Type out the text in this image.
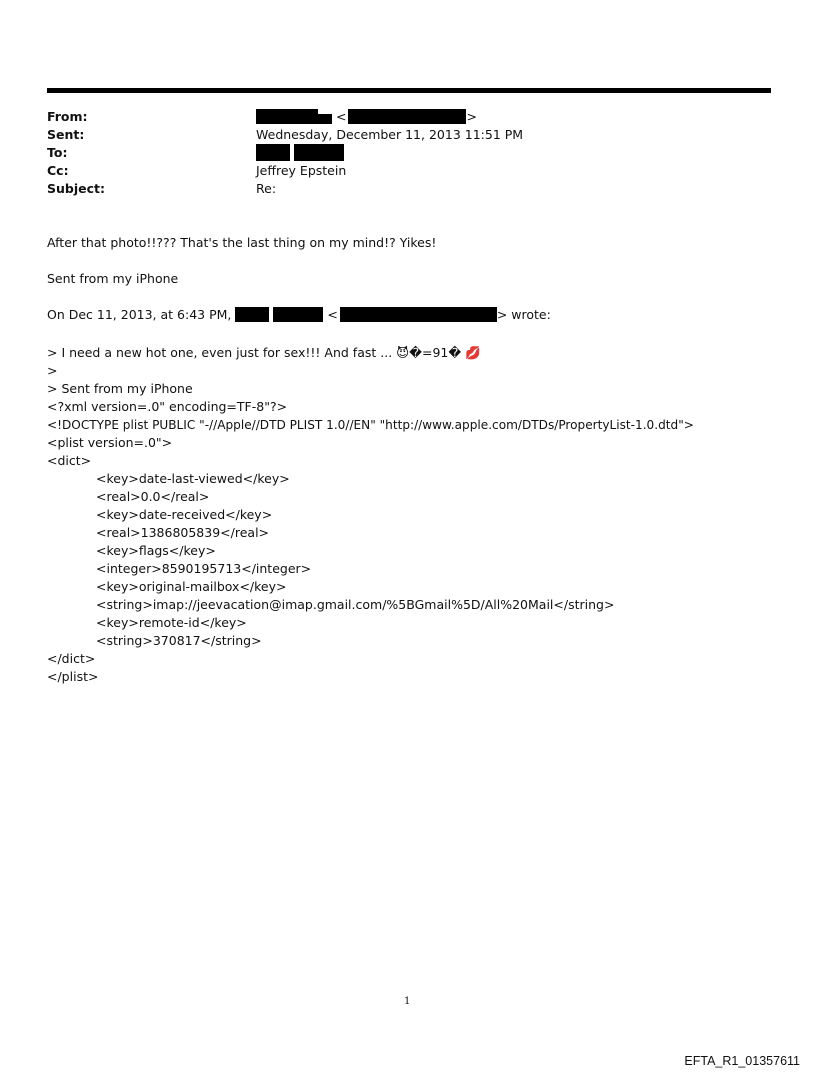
From:	<	>
Sent:	Wednesday, December 11, 2013 11:51 PM
To:

Cc:	Jeffrey Epstein
Subject:	Re:
After that photo!!??? That's the last thing on my mind!? Yikes!
Sent from my iPhone
On Dec 11, 2013, at 6:43 PM,	<	> wrote:
> I need a new hot one, even just for sex!!! And fast ... 😈�=91� 💋
>
> Sent from my iPhone
<?xml version=.0" encoding=TF-8"?>
<!DOCTYPE plist PUBLIC "-//Apple//DTD PLIST 1.0//EN" "http://www.apple.com/DTDs/PropertyList-1.0.dtd">
<plist version=.0">
<dict>
<key>date-last-viewed</key>
<real>0.0</real>
<key>date-received</key>
<real>1386805839</real>
<key>flags</key>
<integer>8590195713</integer>
<key>original-mailbox</key>
<string>imap://jeevacation@imap.gmail.com/%5BGmail%5D/All%20Mail</string>
<key>remote-id</key>
<string>370817</string>
</dict>
</plist>
1
EFTA_R1_01357611
